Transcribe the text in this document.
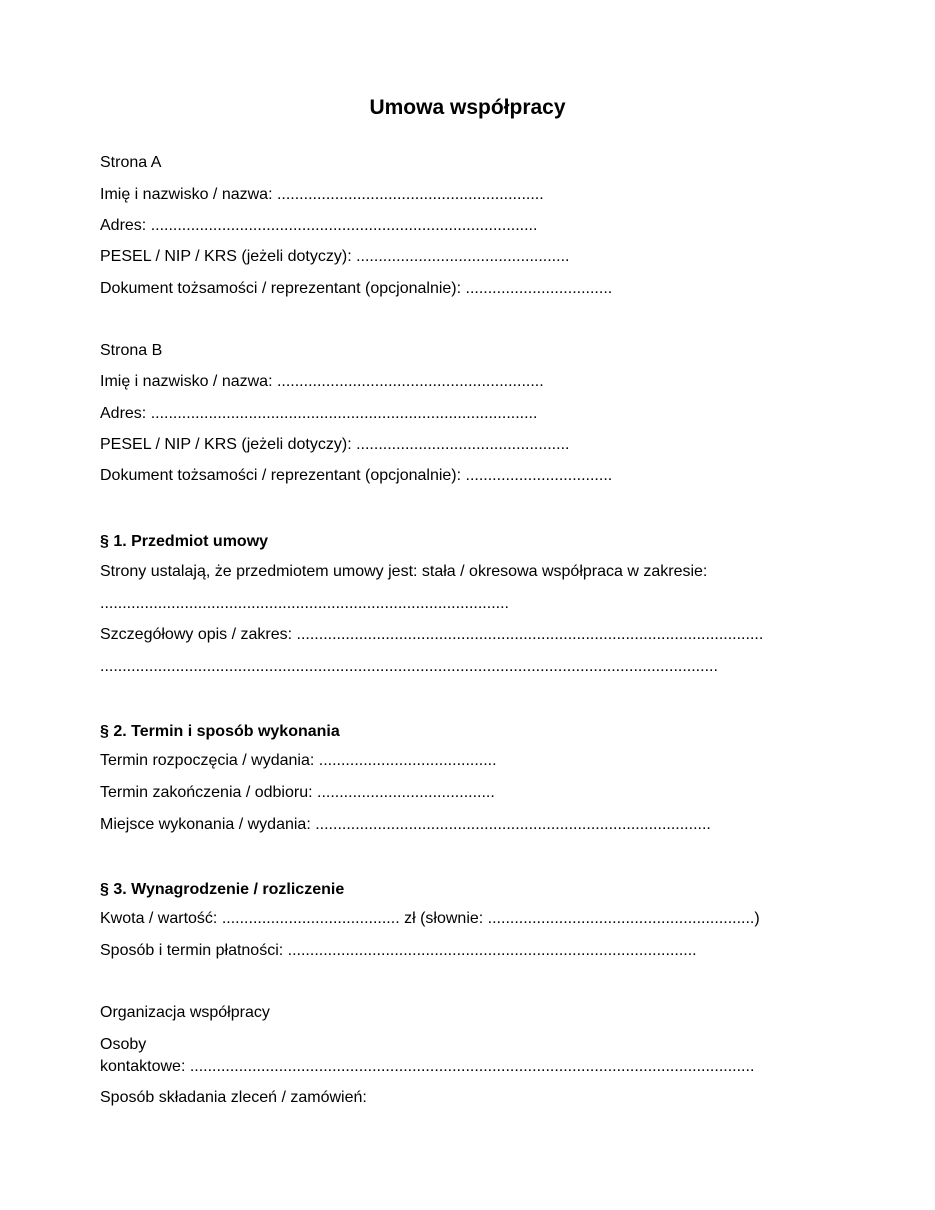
Umowa współpracy
Strona A
Imię i nazwisko / nazwa: ............................................................
Adres: .......................................................................................
PESEL / NIP / KRS (jeżeli dotyczy): ................................................
Dokument tożsamości / reprezentant (opcjonalnie): .................................
Strona B
Imię i nazwisko / nazwa: ............................................................
Adres: .......................................................................................
PESEL / NIP / KRS (jeżeli dotyczy): ................................................
Dokument tożsamości / reprezentant (opcjonalnie): .................................
§ 1. Przedmiot umowy
Strony ustalają, że przedmiotem umowy jest: stała / okresowa współpraca w zakresie:
............................................................................................
Szczegółowy opis / zakres: .........................................................................................................
...........................................................................................................................................
§ 2. Termin i sposób wykonania
Termin rozpoczęcia / wydania: ........................................
Termin zakończenia / odbioru: ........................................
Miejsce wykonania / wydania: .........................................................................................
§ 3. Wynagrodzenie / rozliczenie
Kwota / wartość: ........................................ zł (słownie: ............................................................)
Sposób i termin płatności: ............................................................................................
Organizacja współpracy
Osoby
kontaktowe: ...............................................................................................................................
Sposób składania zleceń / zamówień:
